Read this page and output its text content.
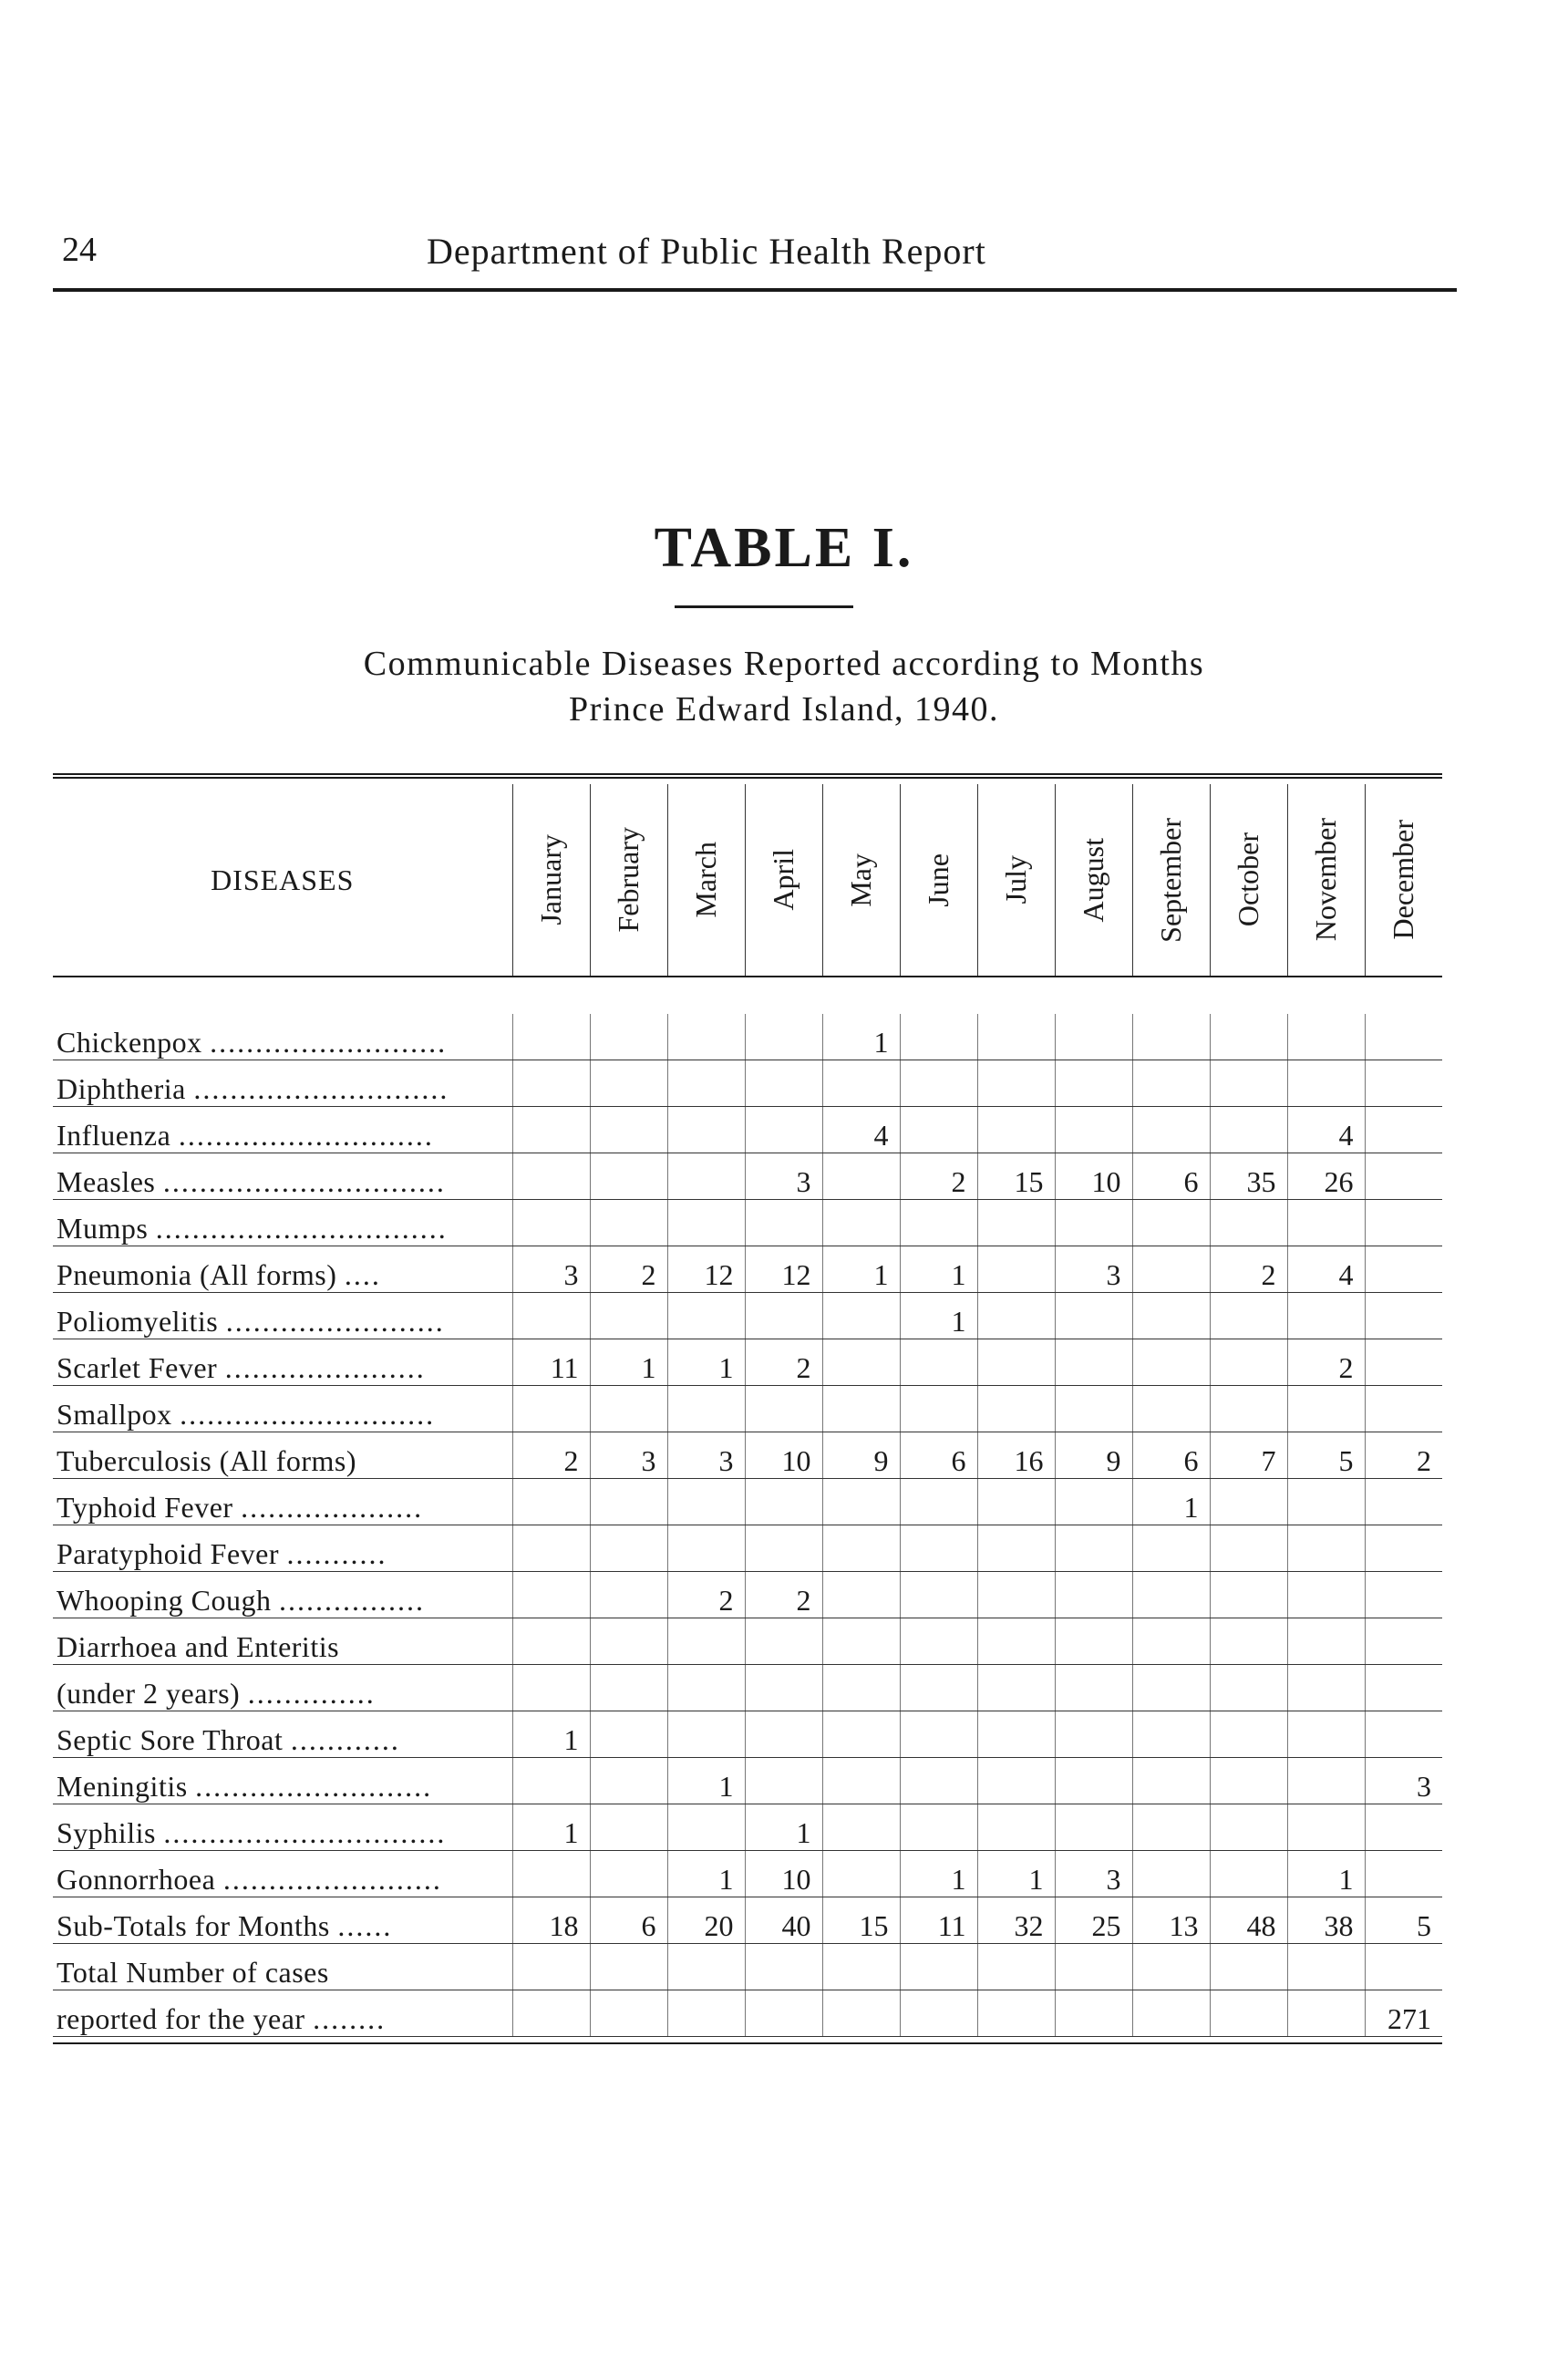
24	Department of Public Health Report
TABLE I.
Communicable Diseases Reported according to Months
Prince Edward Island, 1940.
DISEASES	January	February	March	April	May	June	July	August	September	October	November	December

Chickenpox ..........................					1							
Diphtheria ............................												
Influenza ............................					4						4	
Measles ...............................				3		2	15	10	6	35	26	
Mumps ................................												
Pneumonia (All forms) ....	3	2	12	12	1	1		3		2	4	
Poliomyelitis ........................						1						
Scarlet Fever ......................	11	1	1	2							2	
Smallpox ............................												
Tuberculosis (All forms)	2	3	3	10	9	6	16	9	6	7	5	2
Typhoid Fever ....................									1			
Paratyphoid Fever ...........												
Whooping Cough ................			2	2								
Diarrhoea and Enteritis												
(under 2 years) ..............												
Septic Sore Throat ............	1											
Meningitis ..........................			1									3
Syphilis ...............................	1			1								
Gonnorrhoea ........................			1	10		1	1	3			1	
Sub-Totals for Months ......	18	6	20	40	15	11	32	25	13	48	38	5
Total Number of cases												
reported for the year ........												271
